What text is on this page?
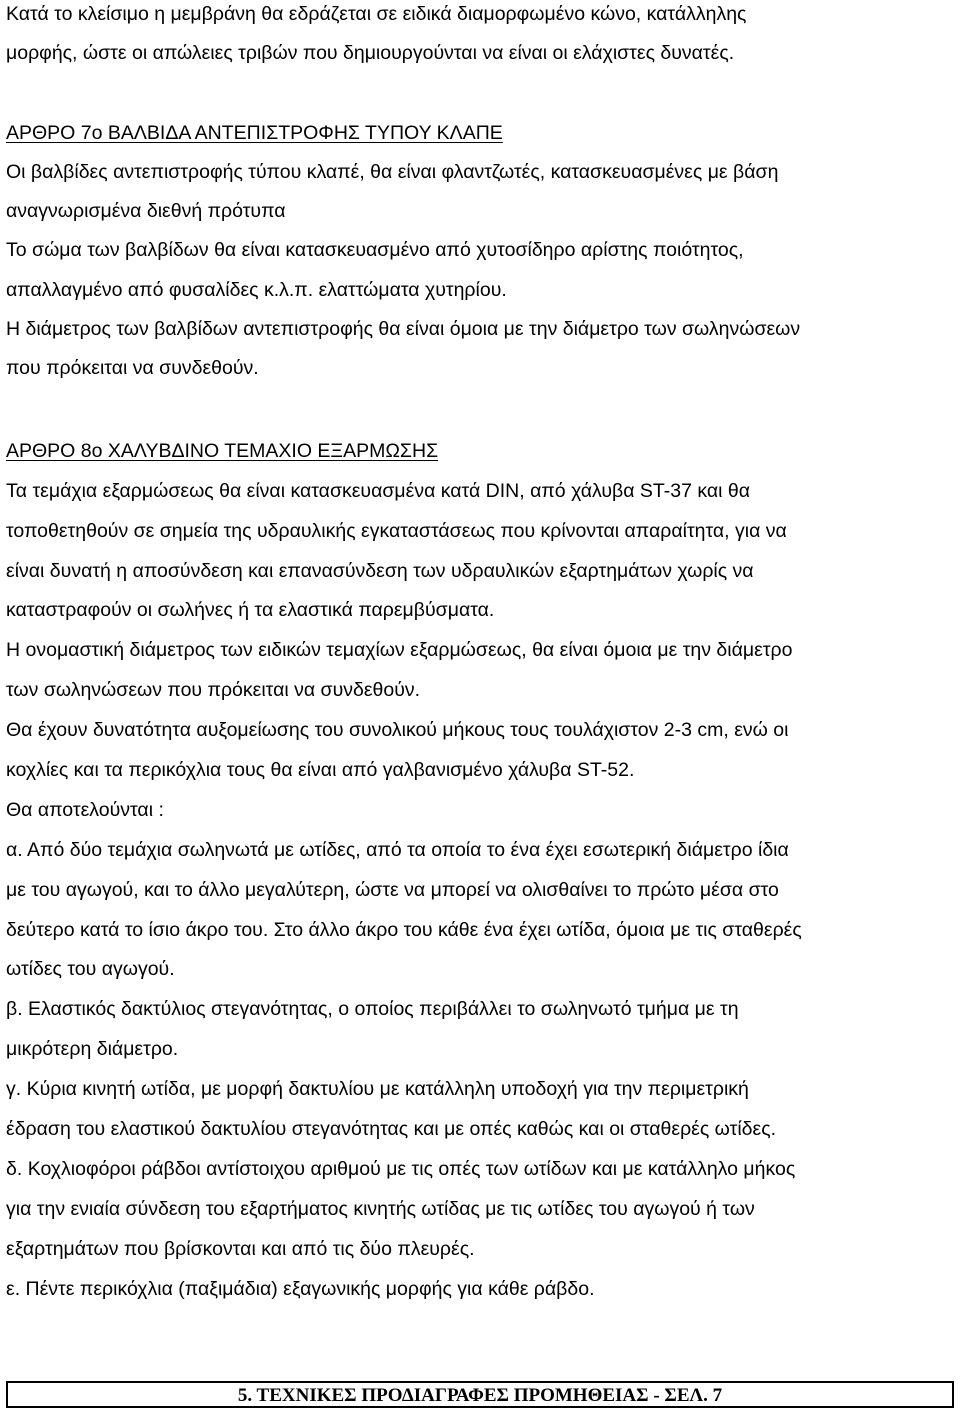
Κατά το κλείσιμο η μεμβράνη θα εδράζεται σε ειδικά διαμορφωμένο κώνο, κατάλληλης
μορφής, ώστε οι απώλειες τριβών που δημιουργούνται να είναι οι ελάχιστες δυνατές.
ΑΡΘΡΟ 7ο ΒΑΛΒΙΔΑ ΑΝΤΕΠΙΣΤΡΟΦΗΣ ΤΥΠΟΥ ΚΛΑΠΕ
Οι βαλβίδες αντεπιστροφής τύπου κλαπέ, θα είναι φλαντζωτές, κατασκευασμένες με βάση
αναγνωρισμένα διεθνή πρότυπα
Το σώμα των βαλβίδων θα είναι κατασκευασμένο από χυτοσίδηρο αρίστης ποιότητος,
απαλλαγμένο από φυσαλίδες κ.λ.π. ελαττώματα χυτηρίου.
Η διάμετρος των βαλβίδων αντεπιστροφής θα είναι όμοια με την διάμετρο των σωληνώσεων
που πρόκειται να συνδεθούν.
ΑΡΘΡΟ 8ο ΧΑΛΥΒΔΙΝΟ ΤΕΜΑΧΙΟ ΕΞΑΡΜΩΣΗΣ
Τα τεμάχια εξαρμώσεως θα είναι κατασκευασμένα κατά DIN, από χάλυβα ST-37 και θα
τοποθετηθούν σε σημεία της υδραυλικής εγκαταστάσεως που κρίνονται απαραίτητα, για να
είναι δυνατή η αποσύνδεση και επανασύνδεση των υδραυλικών εξαρτημάτων χωρίς να
καταστραφούν οι σωλήνες ή τα ελαστικά παρεμβύσματα.
Η ονομαστική διάμετρος των ειδικών τεμαχίων εξαρμώσεως, θα είναι όμοια με την διάμετρο
των σωληνώσεων που πρόκειται να συνδεθούν.
Θα έχουν δυνατότητα αυξομείωσης του συνολικού μήκους τους τουλάχιστον 2-3 cm, ενώ οι
κοχλίες και τα περικόχλια τους θα είναι από γαλβανισμένο χάλυβα ST-52.
Θα αποτελούνται :
α. Από δύο τεμάχια σωληνωτά με ωτίδες, από τα οποία το ένα έχει εσωτερική διάμετρο ίδια
με του αγωγού, και το άλλο μεγαλύτερη, ώστε να μπορεί να ολισθαίνει το πρώτο μέσα στο
δεύτερο κατά το ίσιο άκρο του. Στο άλλο άκρο του κάθε ένα έχει ωτίδα, όμοια με τις σταθερές
ωτίδες του αγωγού.
β. Ελαστικός δακτύλιος στεγανότητας, ο οποίος περιβάλλει το σωληνωτό τμήμα με τη
μικρότερη διάμετρο.
γ. Κύρια κινητή ωτίδα, με μορφή δακτυλίου με κατάλληλη υποδοχή για την περιμετρική
έδραση του ελαστικού δακτυλίου στεγανότητας και με οπές καθώς και οι σταθερές ωτίδες.
δ. Κοχλιοφόροι ράβδοι αντίστοιχου αριθμού με τις οπές των ωτίδων και με κατάλληλο μήκος
για την ενιαία σύνδεση του εξαρτήματος κινητής ωτίδας με τις ωτίδες του αγωγού ή των
εξαρτημάτων που βρίσκονται και από τις δύο πλευρές.
ε. Πέντε περικόχλια (παξιμάδια) εξαγωνικής μορφής για κάθε ράβδο.
5. ΤΕΧΝΙΚΕΣ ΠΡΟΔΙΑΓΡΑΦΕΣ ΠΡΟΜΗΘΕΙΑΣ - ΣΕΛ. 7
